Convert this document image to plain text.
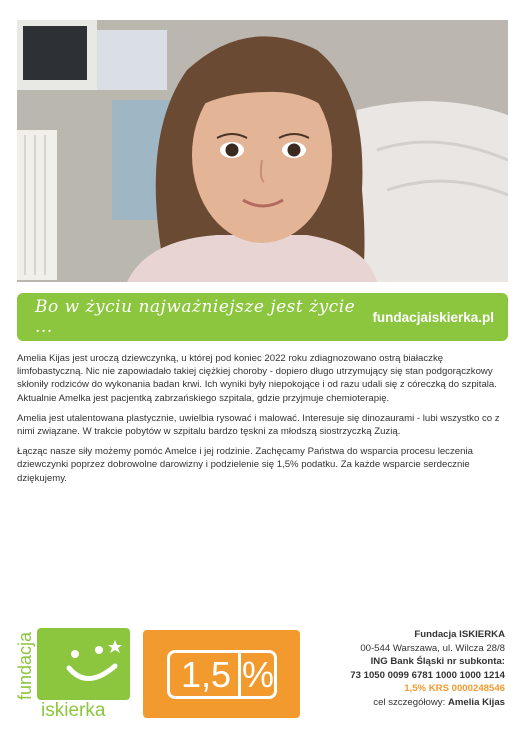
Bo w życiu najważniejsze jest życie ...	fundacjaiskierka.pl

Amelia Kijas jest uroczą dziewczynką, u której pod koniec 2022 roku zdiagnozowano ostrą białaczkę limfobastyczną. Nic nie zapowiadało takiej ciężkiej choroby - dopiero długo utrzymujący się stan podgorączkowy skłoniły rodziców do wykonania badan krwi. Ich wyniki były niepokojące i od razu udali się z córeczką do szpitala. Aktualnie Amelka jest pacjentką zabrzańskiego szpitala, gdzie przyjmuje chemioterapię.

Amelia jest utalentowana plastycznie, uwielbia rysować i malować. Interesuje się dinozaurami - lubi wszystko co z nimi związane. W trakcie pobytów w szpitalu bardzo tęskni za młodszą siostrzyczką Zuzią.

Łącząc nasze siły możemy pomóc Amelce i jej rodzinie. Zachęcamy Państwa do wsparcia procesu leczenia dziewczynki poprzez dobrowolne darowizny i podzielenie się 1,5% podatku. Za każde wsparcie serdecznie dziękujemy.

fundacja
iskierka
1,5 %
Fundacja ISKIERKA
00-544 Warszawa, ul. Wilcza 28/8
ING Bank Śląski nr subkonta:
73 1050 0099 6781 1000 1000 1214
1,5% KRS 0000248546
cel szczegółowy: Amelia Kijas
